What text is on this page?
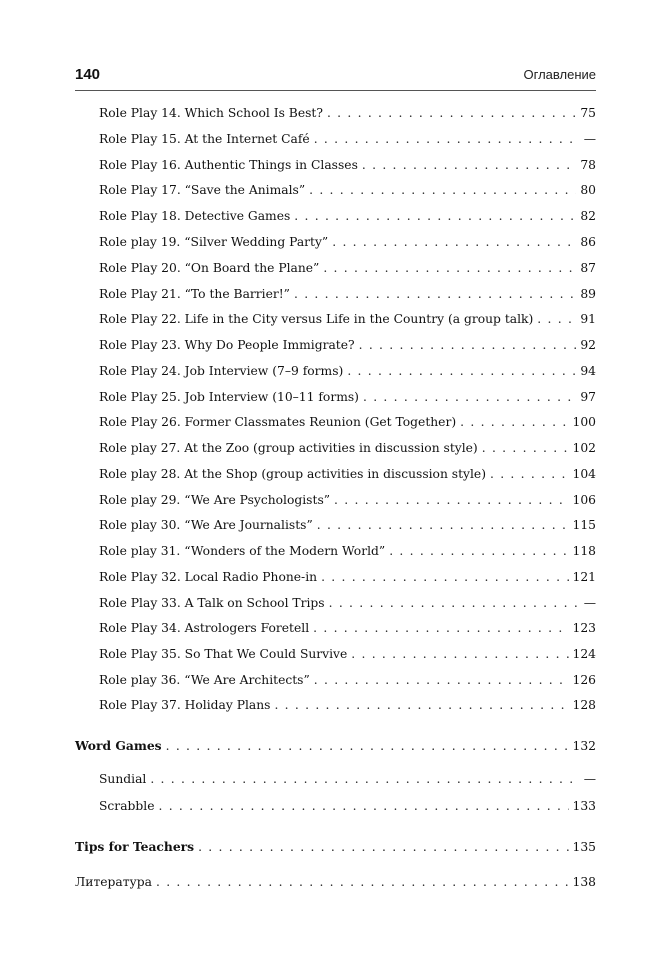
140	Оглавление
Role Play 14. Which School Is Best? . . .	75
Role Play 15. At the Internet Café . . .	—
Role Play 16. Authentic Things in Classes . . .	78
Role Play 17. “Save the Animals” . . .	80
Role Play 18. Detective Games . . .	82
Role play 19. “Silver Wedding Party” . . .	86
Role Play 20. “On Board the Plane” . . .	87
Role Play 21. “To the Barrier!” . . .	89
Role Play 22. Life in the City versus Life in the Country (a group talk) . . .	91
Role Play 23. Why Do People Immigrate? . . .	92
Role Play 24. Job Interview (7–9 forms) . . .	94
Role Play 25. Job Interview (10–11 forms) . . .	97
Role Play 26. Former Classmates Reunion (Get Together) . . .	100
Role play 27. At the Zoo (group activities in discussion style) . . .	102
Role play 28. At the Shop (group activities in discussion style) . . .	104
Role play 29. “We Are Psychologists” . . .	106
Role play 30. “We Are Journalists” . . .	115
Role play 31. “Wonders of the Modern World” . . .	118
Role Play 32. Local Radio Phone-in . . .	121
Role Play 33. A Talk on School Trips . . .	—
Role Play 34. Astrologers Foretell . . .	123
Role Play 35. So That We Could Survive . . .	124
Role play 36. “We Are Architects” . . .	126
Role Play 37. Holiday Plans . . .	128
Word Games . . .	132
Sundial . . .	—
Scrabble . . .	133
Tips for Teachers . . .	135
Литература . . .	138
